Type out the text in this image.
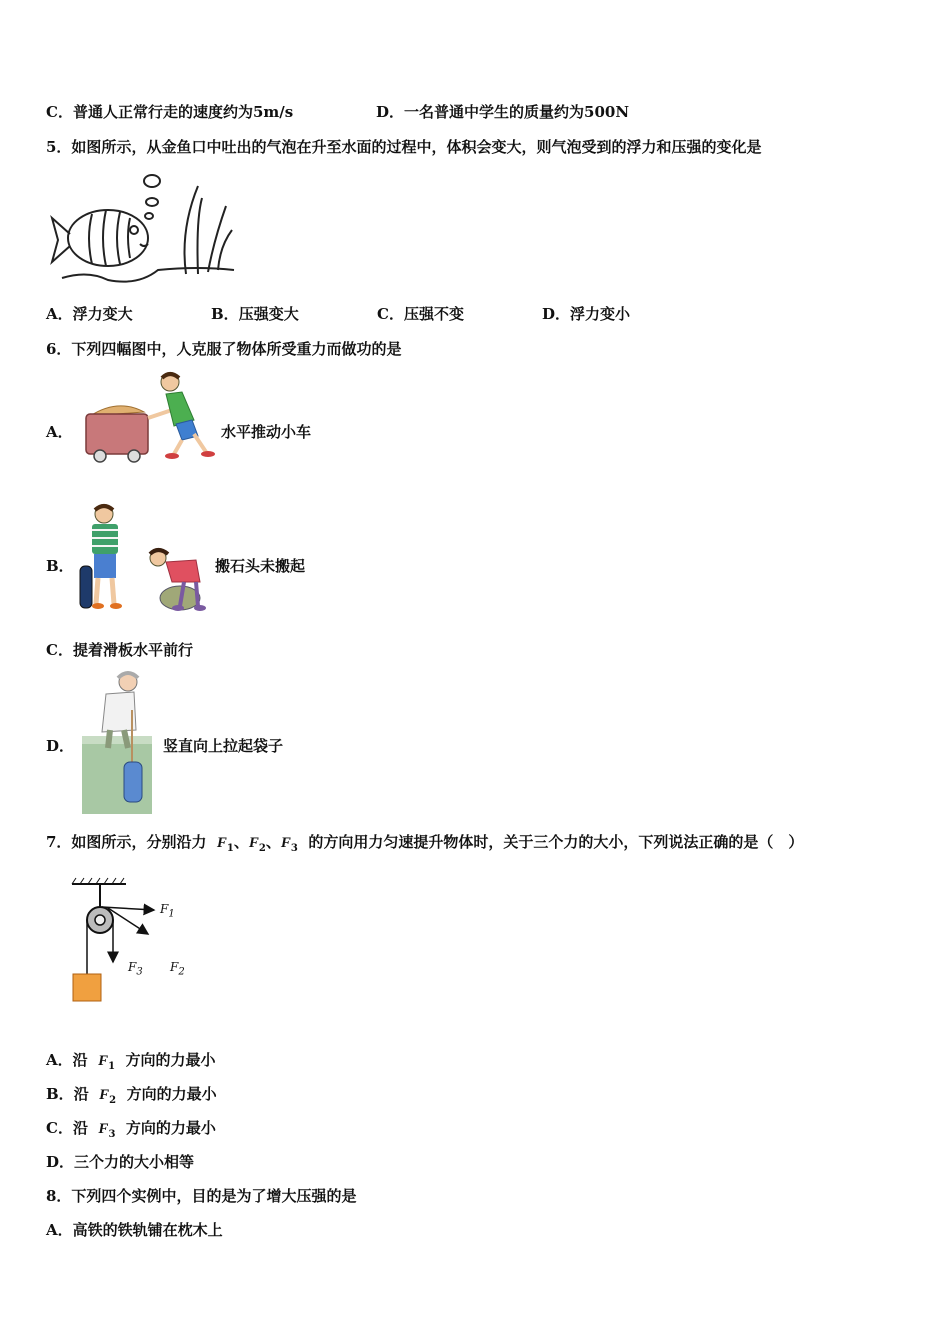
C．普通人正常行走的速度约为5m/s	D．一名普通中学生的质量约为500N
5．如图所示，从金鱼口中吐出的气泡在升至水面的过程中，体积会变大，则气泡受到的浮力和压强的变化是
A．浮力变大	B．压强变大	C．压强不变	D．浮力变小
6．下列四幅图中，人克服了物体所受重力而做功的是
A．	水平推动小车
B．	搬石头未搬起
C．提着滑板水平前行
D．	竖直向上拉起袋子
7．如图所示，分别沿力 $F_1$、$F_2$、$F_3$ 的方向用力匀速提升物体时，关于三个力的大小，下列说法正确的是（　）
$F_1$
$F_2$
$F_3$
A．沿 $F_1$ 方向的力最小
B．沿 $F_2$ 方向的力最小
C．沿 $F_3$ 方向的力最小
D．三个力的大小相等
8．下列四个实例中，目的是为了增大压强的是
A．高铁的铁轨铺在枕木上
